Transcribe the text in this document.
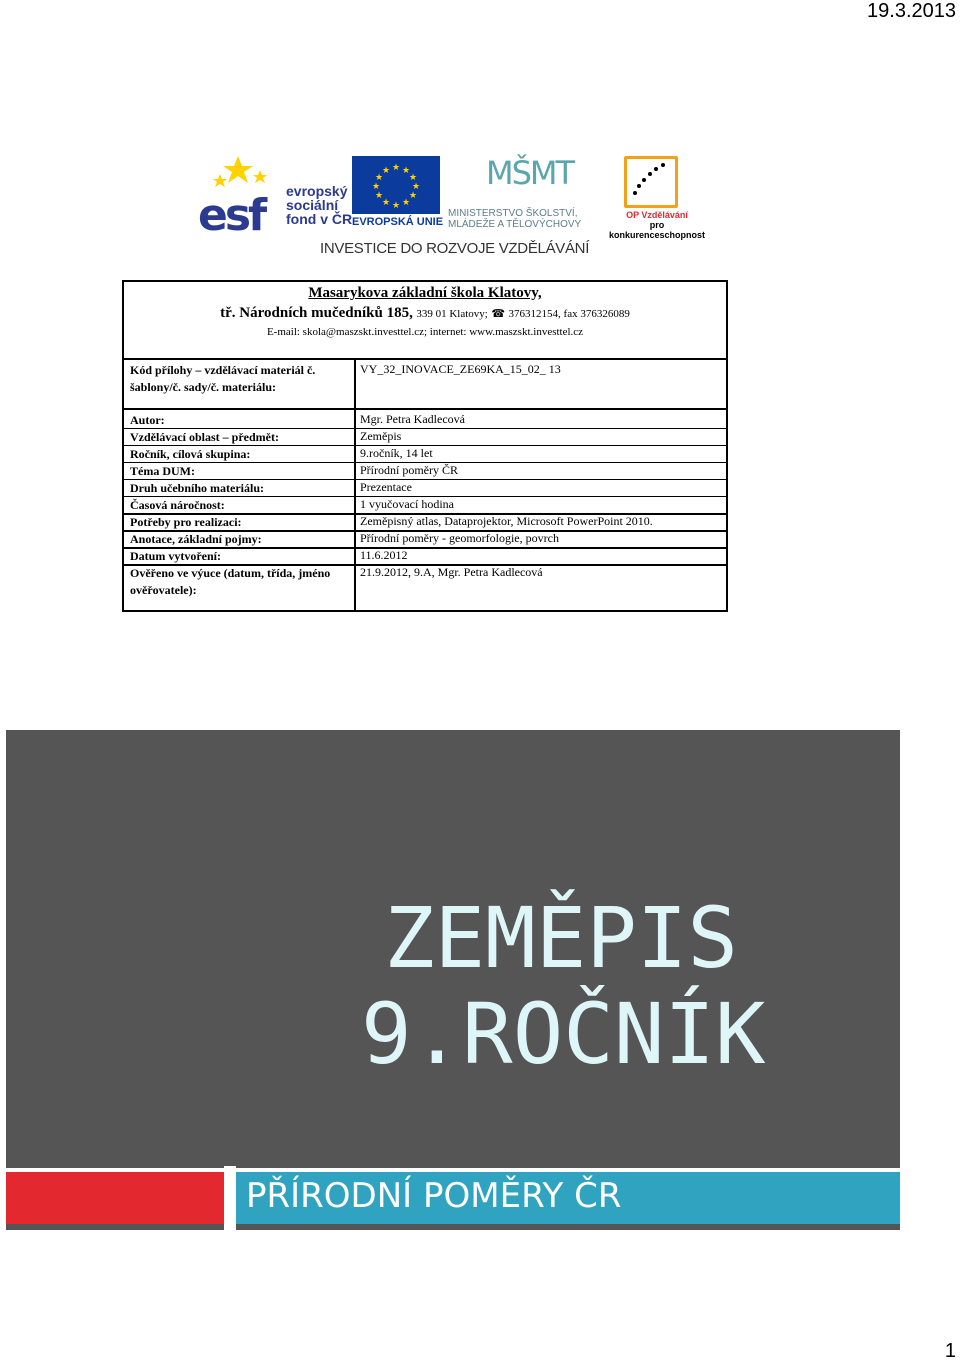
19.3.2013
esf evropský
sociální
fond v ČR
★ ★
★
★
★
★
★
★
★
★
★
★
EVROPSKÁ UNIE
MŠMT
MINISTERSTVO ŠKOLSTVÍ,
MLÁDEŽE A TĚLOVÝCHOVY
OP Vzdělávání
pro konkurenceschopnost
INVESTICE DO ROZVOJE VZDĚLÁVÁNÍ
Masarykova základní škola Klatovy,
tř. Národních mučedníků 185, 339 01 Klatovy; ☎ 376312154, fax 376326089
E-mail: skola@maszskt.investtel.cz; internet: www.maszskt.investtel.cz
Kód přílohy – vzdělávací materiál č. šablony/č. sady/č. materiálu:
VY_32_INOVACE_ZE69KA_15_02_ 13
Autor:	Mgr. Petra Kadlecová
Vzdělávací oblast – předmět:	Zeměpis
Ročník, cílová skupina:	9.ročník, 14 let
Téma DUM:	Přírodní poměry ČR
Druh učebního materiálu:	Prezentace
Časová náročnost:	1 vyučovací hodina
Potřeby pro realizaci:	Zeměpisný atlas, Dataprojektor, Microsoft PowerPoint 2010.
Anotace, základní pojmy:	Přírodní poměry - geomorfologie, povrch
Datum vytvoření:	11.6.2012
Ověřeno ve výuce (datum, třída, jméno ověřovatele):
21.9.2012, 9.A, Mgr. Petra Kadlecová
ZEMĚPIS
9.ROČNÍK
PŘÍRODNÍ POMĚRY ČR
1
